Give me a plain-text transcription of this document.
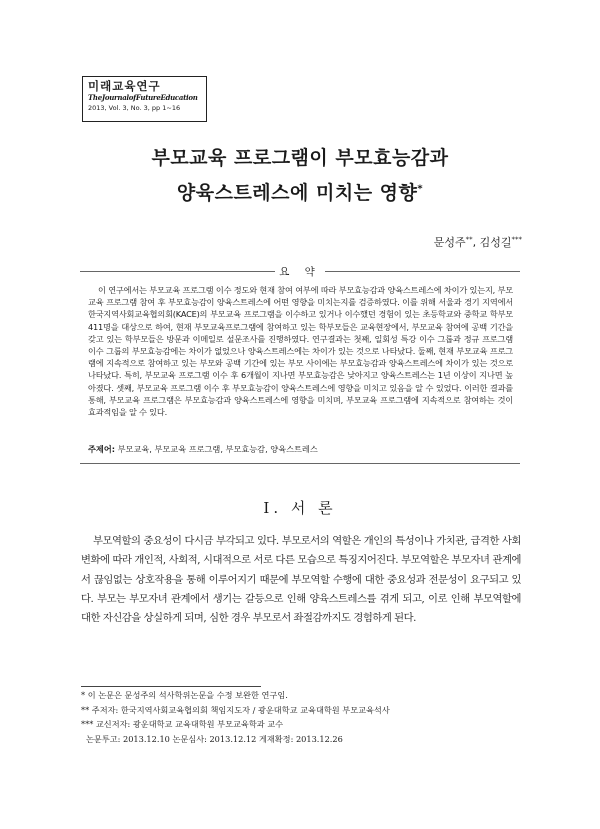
미래교육연구
TheJournalofFutureEducation
2013, Vol. 3, No. 3, pp 1~16
부모교육 프로그램이 부모효능감과
양육스트레스에 미치는 영향*
문성주**, 김성길***
요 약

이 연구에서는 부모교육 프로그램 이수 정도와 현재 참여 여부에 따라 부모효능감과 양육스트레스에 차이가 있는지, 부모교육 프로그램 참여 후 부모효능감이 양육스트레스에 어떤 영향을 미치는지를 검증하였다. 이를 위해 서울과 경기 지역에서 한국지역사회교육협의회(KACE)의 부모교육 프로그램을 이수하고 있거나 이수했던 경험이 있는 초등학교와 중학교 학부모 411명을 대상으로 하여, 현재 부모교육프로그램에 참여하고 있는 학부모들은 교육현장에서, 부모교육 참여에 공백 기간을 갖고 있는 학부모들은 방문과 이메일로 설문조사를 진행하였다. 연구결과는 첫째, 일회성 특강 이수 그룹과 정규 프로그램 이수 그룹의 부모효능감에는 차이가 없었으나 양육스트레스에는 차이가 있는 것으로 나타났다. 둘째, 현재 부모교육 프로그램에 지속적으로 참여하고 있는 부모와 공백 기간에 있는 부모 사이에는 부모효능감과 양육스트레스에 차이가 있는 것으로 나타났다. 특히, 부모교육 프로그램 이수 후 6개월이 지나면 부모효능감은 낮아지고 양육스트레스는 1년 이상이 지나면 높아졌다. 셋째, 부모교육 프로그램 이수 후 부모효능감이 양육스트레스에 영향을 미치고 있음을 알 수 있었다. 이러한 결과를 통해, 부모교육 프로그램은 부모효능감과 양육스트레스에 영향을 미치며, 부모교육 프로그램에 지속적으로 참여하는 것이 효과적임을 알 수 있다.

주제어: 부모교육, 부모교육 프로그램, 부모효능감, 양육스트레스
Ⅰ. 서 론

부모역할의 중요성이 다시금 부각되고 있다. 부모로서의 역할은 개인의 특성이나 가치관, 급격한 사회 변화에 따라 개인적, 사회적, 시대적으로 서로 다른 모습으로 특징지어진다. 부모역할은 부모자녀 관계에서 끊임없는 상호작용을 통해 이루어지기 때문에 부모역할 수행에 대한 중요성과 전문성이 요구되고 있다. 부모는 부모자녀 관계에서 생기는 갈등으로 인해 양육스트레스를 겪게 되고, 이로 인해 부모역할에 대한 자신감을 상실하게 되며, 심한 경우 부모로서 좌절감까지도 경험하게 된다.

* 이 논문은 문성주의 석사학위논문을 수정 보완한 연구임.
** 주저자: 한국지역사회교육협의회 책임지도자 / 광운대학교 교육대학원 부모교육석사
*** 교신저자: 광운대학교 교육대학원 부모교육학과 교수
논문투고: 2013.12.10 논문심사: 2013.12.12 게재확정: 2013.12.26
